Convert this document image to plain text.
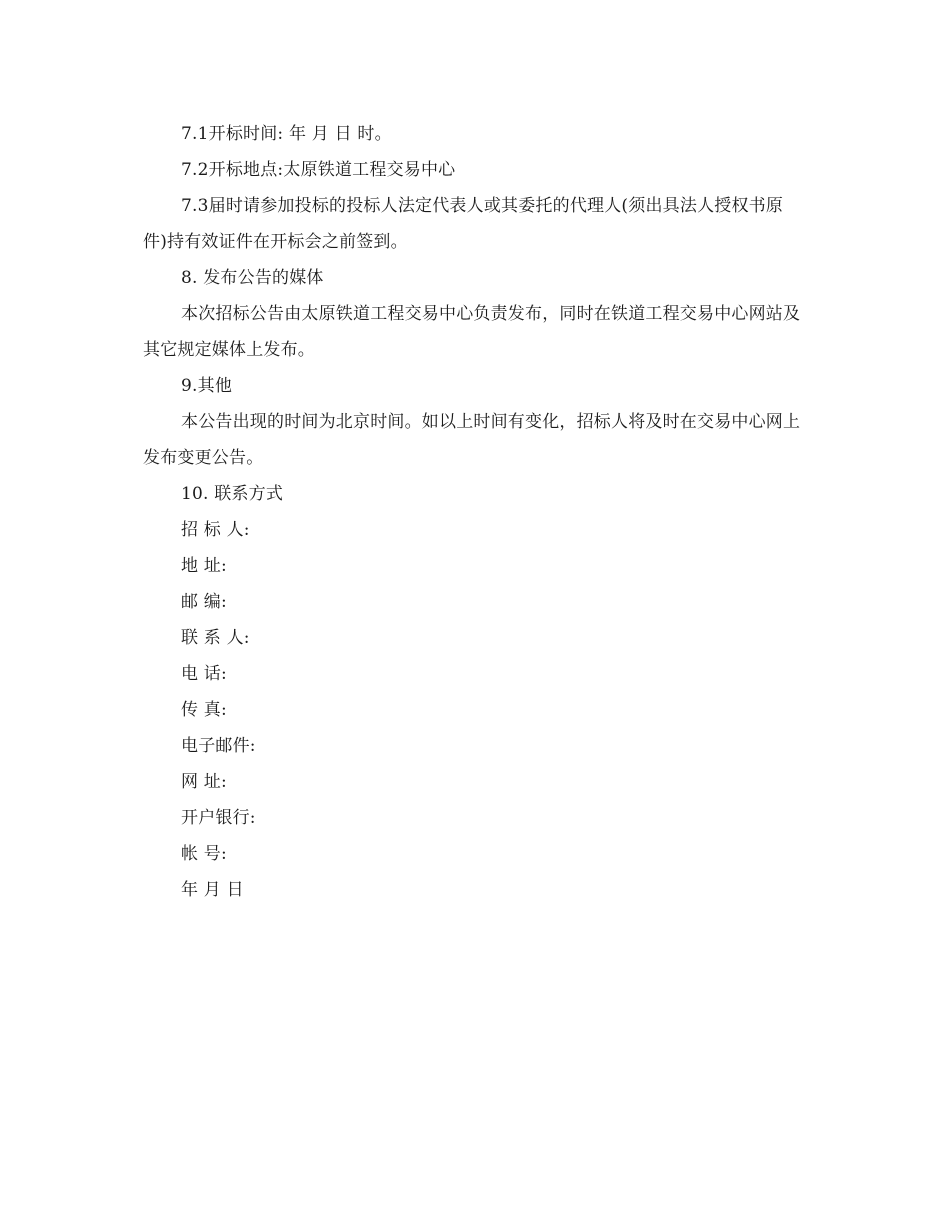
7.1开标时间: 年 月 日 时。

7.2开标地点:太原铁道工程交易中心

7.3届时请参加投标的投标人法定代表人或其委托的代理人(须出具法人授权书原件)持有效证件在开标会之前签到。

8. 发布公告的媒体

本次招标公告由太原铁道工程交易中心负责发布，同时在铁道工程交易中心网站及其它规定媒体上发布。

9.其他

本公告出现的时间为北京时间。如以上时间有变化，招标人将及时在交易中心网上发布变更公告。

10. 联系方式

招 标 人:

地 址:

邮 编:

联 系 人:

电 话:

传 真:

电子邮件:

网 址:

开户银行:

帐 号:

年 月 日
